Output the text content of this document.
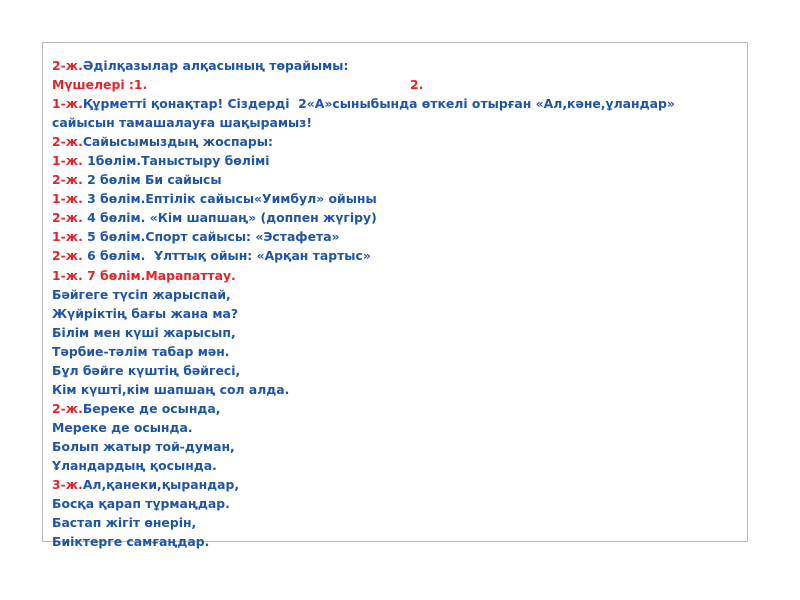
2-ж.Әділқазылар алқасының төрайымы:
Мүшелері :1.	2.
1-ж.Құрметті қонақтар! Сіздерді  2«А»сыныбында өткелі отырған «Ал,кәне,ұландар»
сайысын тамашалауға шақырамыз!
2-ж.Сайысымыздың жоспары:
1-ж. 1бөлім.Таныстыру бөлімі
2-ж. 2 бөлім Би сайысы
1-ж. 3 бөлім.Ептілік сайысы«Уимбул» ойыны
2-ж. 4 бөлім. «Кім шапшаң» (доппен жүгіру)
1-ж. 5 бөлім.Спорт сайысы: «Эстафета»
2-ж. 6 бөлім.  Ұлттық ойын: «Арқан тартыс»
1-ж. 7 бөлім.Марапаттау.
Бәйгеге түсіп жарыспай,
Жүйріктің бағы жана ма?
Білім мен күші жарысып,
Тәрбие-тәлім табар мән.
Бұл бәйге күштің бәйгесі,
Кім күшті,кім шапшаң сол алда.
2-ж.Береке де осында,
Мереке де осында.
Болып жатыр той-думан,
Ұландардың қосында.
3-ж.Ал,қанеки,қырандар,
Босқа қарап тұрмаңдар.
Бастап жігіт өнерін,
Биіктерге самғаңдар.
